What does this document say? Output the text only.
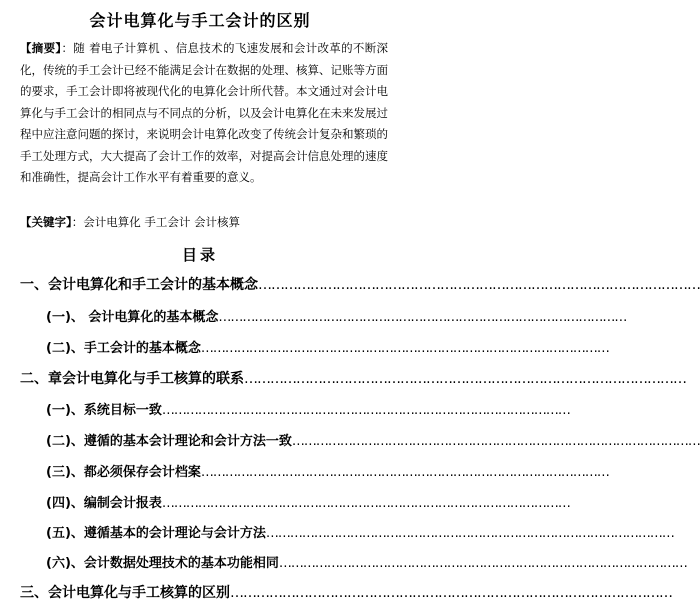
会计电算化与手工会计的区别
【摘要】：随 着电子计算机 、信息技术的飞速发展和会计改革的不断深化，传统的手工会计已经不能满足会计在数据的处理、核算、记账等方面的要求，手工会计即将被现代化的电算化会计所代替。本文通过对会计电算化与手工会计的相同点与不同点的分析，以及会计电算化在未来发展过程中应注意问题的探讨，来说明会计电算化改变了传统会计复杂和繁琐的手工处理方式，大大提高了会计工作的效率，对提高会计信息处理的速度和准确性，提高会计工作水平有着重要的意义。
【关键字】：会计电算化 手工会计 会计核算
目录
一、会计电算化和手工会计的基本概念 …………………………………………………………………………………………
(一)、 会计电算化的基本概念 …………………………………………………………………………………………
(二)、手工会计的基本概念 …………………………………………………………………………………………
二、章会计电算化与手工核算的联系 …………………………………………………………………………………………
(一)、系统目标一致 …………………………………………………………………………………………
(二)、遵循的基本会计理论和会计方法一致 …………………………………………………………………………………………
(三)、都必须保存会计档案 …………………………………………………………………………………………
(四)、编制会计报表 …………………………………………………………………………………………
(五)、遵循基本的会计理论与会计方法 …………………………………………………………………………………………
(六)、会计数据处理技术的基本功能相同 …………………………………………………………………………………………
三、会计电算化与手工核算的区别 …………………………………………………………………………………………
